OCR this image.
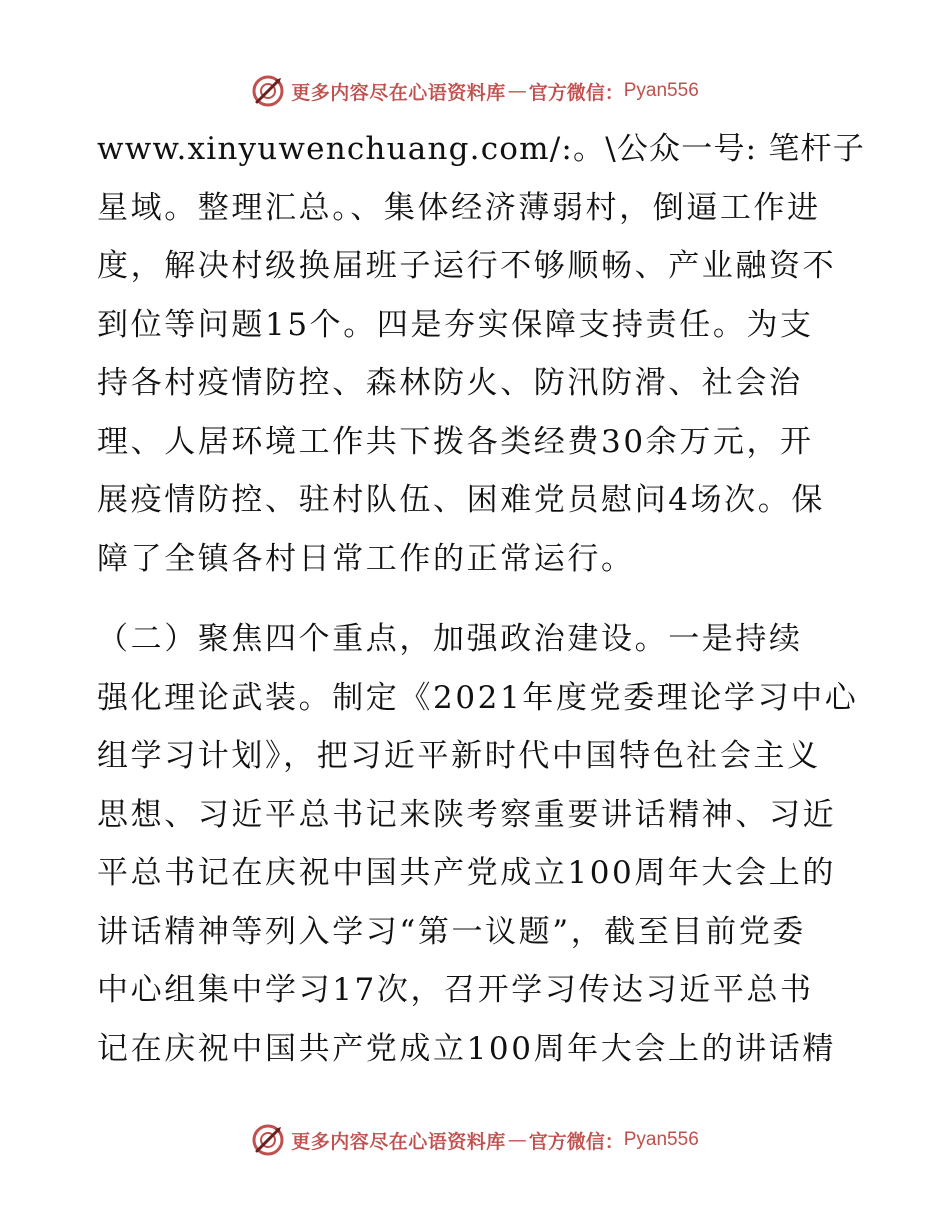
更多内容尽在心语资料库 — 官方微信： Pyan556
www.xinyuwenchuang.com/:。\公众一号: 笔杆子
星域。整理汇总。、集体经济薄弱村，倒逼工作进
度，解决村级换届班子运行不够顺畅、产业融资不
到位等问题15个。四是夯实保障支持责任。为支
持各村疫情防控、森林防火、防汛防滑、社会治
理、人居环境工作共下拨各类经费30余万元，开
展疫情防控、驻村队伍、困难党员慰问4场次。保
障了全镇各村日常工作的正常运行。
（二）聚焦四个重点，加强政治建设。一是持续
强化理论武装。制定《2021年度党委理论学习中心
组学习计划》，把习近平新时代中国特色社会主义
思想、习近平总书记来陕考察重要讲话精神、习近
平总书记在庆祝中国共产党成立100周年大会上的
讲话精神等列入学习“第一议题”，截至目前党委
中心组集中学习17次，召开学习传达习近平总书
记在庆祝中国共产党成立100周年大会上的讲话精
更多内容尽在心语资料库 — 官方微信： Pyan556
